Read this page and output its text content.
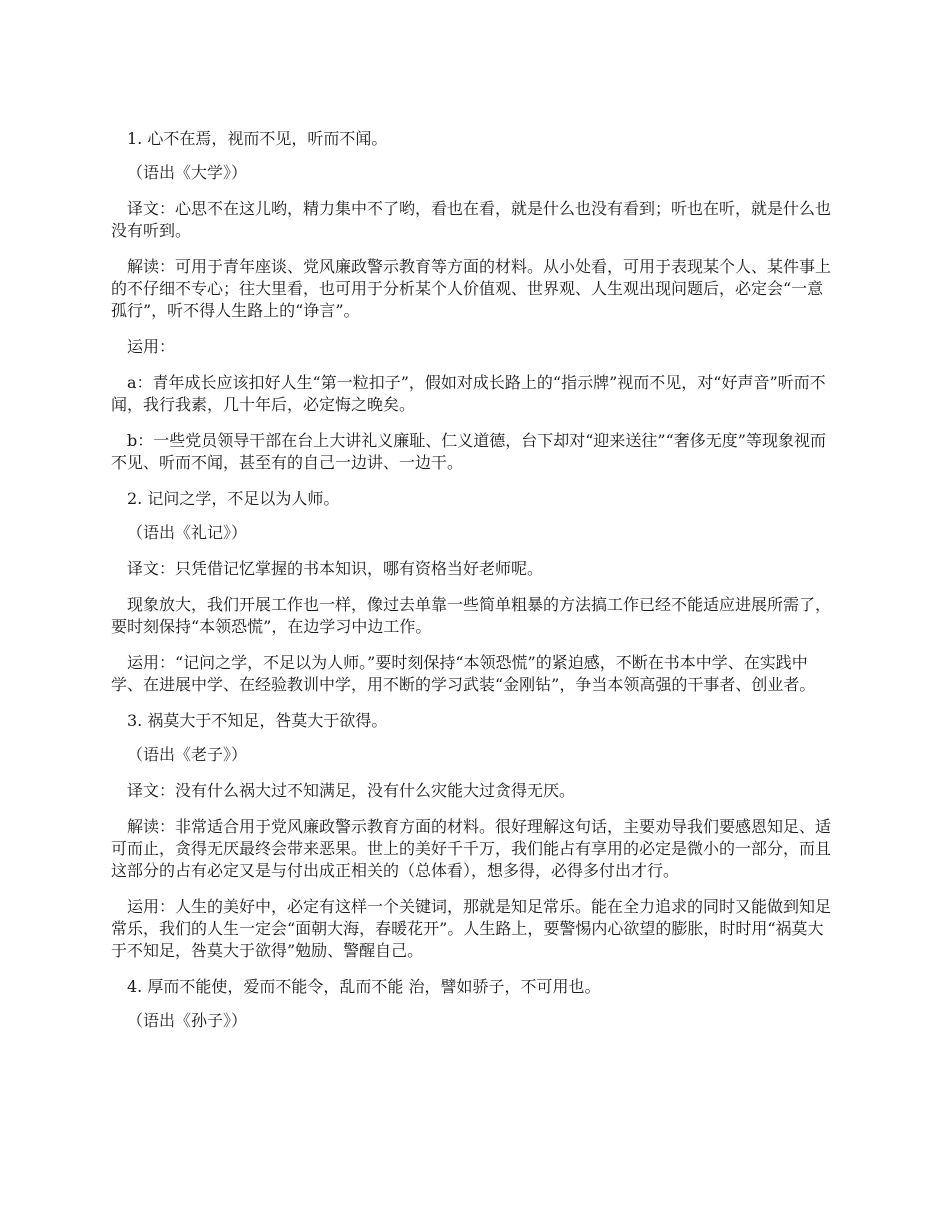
1. 心不在焉，视而不见，听而不闻。

（语出《大学》）

译文：心思不在这儿哟，精力集中不了哟，看也在看，就是什么也没有看到；听也在听，就是什么也没有听到。

解读：可用于青年座谈、党风廉政警示教育等方面的材料。从小处看，可用于表现某个人、某件事上的不仔细不专心；往大里看，也可用于分析某个人价值观、世界观、人生观出现问题后，必定会“一意孤行”，听不得人生路上的“诤言”。

运用：

a：青年成长应该扣好人生“第一粒扣子”，假如对成长路上的“指示牌”视而不见，对“好声音”听而不闻，我行我素，几十年后，必定悔之晚矣。

b：一些党员领导干部在台上大讲礼义廉耻、仁义道德，台下却对“迎来送往”“奢侈无度”等现象视而不见、听而不闻，甚至有的自己一边讲、一边干。

2. 记问之学，不足以为人师。

（语出《礼记》）

译文：只凭借记忆掌握的书本知识，哪有资格当好老师呢。

现象放大，我们开展工作也一样，像过去单靠一些简单粗暴的方法搞工作已经不能适应进展所需了，要时刻保持“本领恐慌”，在边学习中边工作。

运用：“记问之学，不足以为人师。”要时刻保持“本领恐慌”的紧迫感，不断在书本中学、在实践中学、在进展中学、在经验教训中学，用不断的学习武装“金刚钻”，争当本领高强的干事者、创业者。

3. 祸莫大于不知足，咎莫大于欲得。

（语出《老子》）

译文：没有什么祸大过不知满足，没有什么灾能大过贪得无厌。

解读：非常适合用于党风廉政警示教育方面的材料。很好理解这句话，主要劝导我们要感恩知足、适可而止，贪得无厌最终会带来恶果。世上的美好千千万，我们能占有享用的必定是微小的一部分，而且这部分的占有必定又是与付出成正相关的（总体看），想多得，必得多付出才行。

运用：人生的美好中，必定有这样一个关键词，那就是知足常乐。能在全力追求的同时又能做到知足常乐，我们的人生一定会“面朝大海，春暖花开”。人生路上，要警惕内心欲望的膨胀，时时用“祸莫大于不知足，咎莫大于欲得”勉励、警醒自己。

4. 厚而不能使，爱而不能令，乱而不能 治，譬如骄子，不可用也。

（语出《孙子》）
